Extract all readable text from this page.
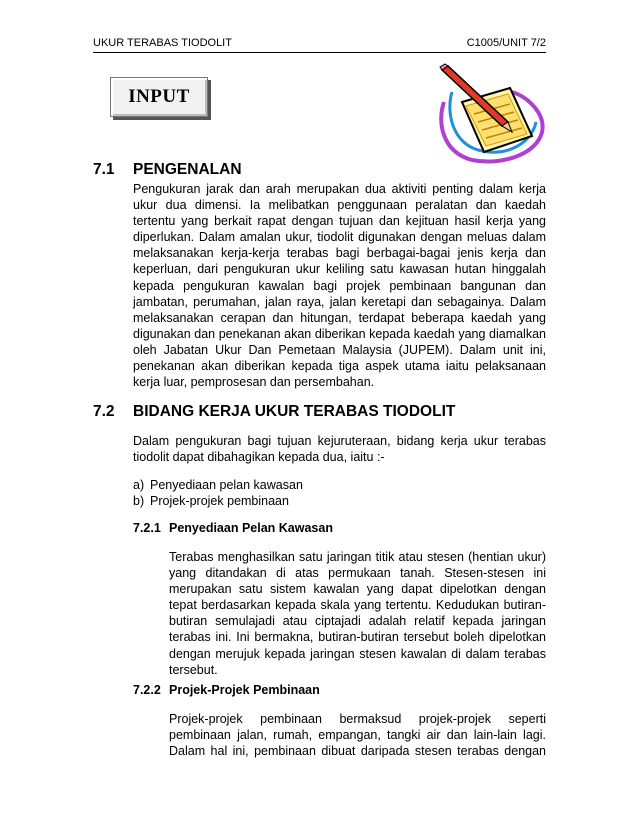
UKUR TERABAS TIODOLIT	C1005/UNIT 7/2
INPUT
7.1 PENGENALAN
Pengukuran jarak dan arah merupakan dua aktiviti penting dalam kerja
ukur dua dimensi. Ia melibatkan penggunaan peralatan dan kaedah
tertentu yang berkait rapat dengan tujuan dan kejituan hasil kerja yang
diperlukan. Dalam amalan ukur, tiodolit digunakan dengan meluas dalam
melaksanakan kerja-kerja terabas bagi berbagai-bagai jenis kerja dan
keperluan, dari pengukuran ukur keliling satu kawasan hutan hinggalah
kepada pengukuran kawalan bagi projek pembinaan bangunan dan
jambatan, perumahan, jalan raya, jalan keretapi dan sebagainya. Dalam
melaksanakan cerapan dan hitungan, terdapat beberapa kaedah yang
digunakan dan penekanan akan diberikan kepada kaedah yang diamalkan
oleh Jabatan Ukur Dan Pemetaan Malaysia (JUPEM). Dalam unit ini,
penekanan akan diberikan kepada tiga aspek utama iaitu pelaksanaan
kerja luar, pemprosesan dan persembahan.
7.2 BIDANG KERJA UKUR TERABAS TIODOLIT
Dalam pengukuran bagi tujuan kejuruteraan, bidang kerja ukur terabas
tiodolit dapat dibahagikan kepada dua, iaitu :-
a) Penyediaan pelan kawasan
b) Projek-projek pembinaan
7.2.1 Penyediaan Pelan Kawasan
Terabas menghasilkan satu jaringan titik atau stesen (hentian ukur)
yang ditandakan di atas permukaan tanah. Stesen-stesen ini
merupakan satu sistem kawalan yang dapat dipelotkan dengan
tepat berdasarkan kepada skala yang tertentu. Kedudukan butiran-
butiran semulajadi atau ciptajadi adalah relatif kepada jaringan
terabas ini. Ini bermakna, butiran-butiran tersebut boleh dipelotkan
dengan merujuk kepada jaringan stesen kawalan di dalam terabas
tersebut.
7.2.2 Projek-Projek Pembinaan
Projek-projek pembinaan bermaksud projek-projek seperti
pembinaan jalan, rumah, empangan, tangki air dan lain-lain lagi.
Dalam hal ini, pembinaan dibuat daripada stesen terabas dengan
